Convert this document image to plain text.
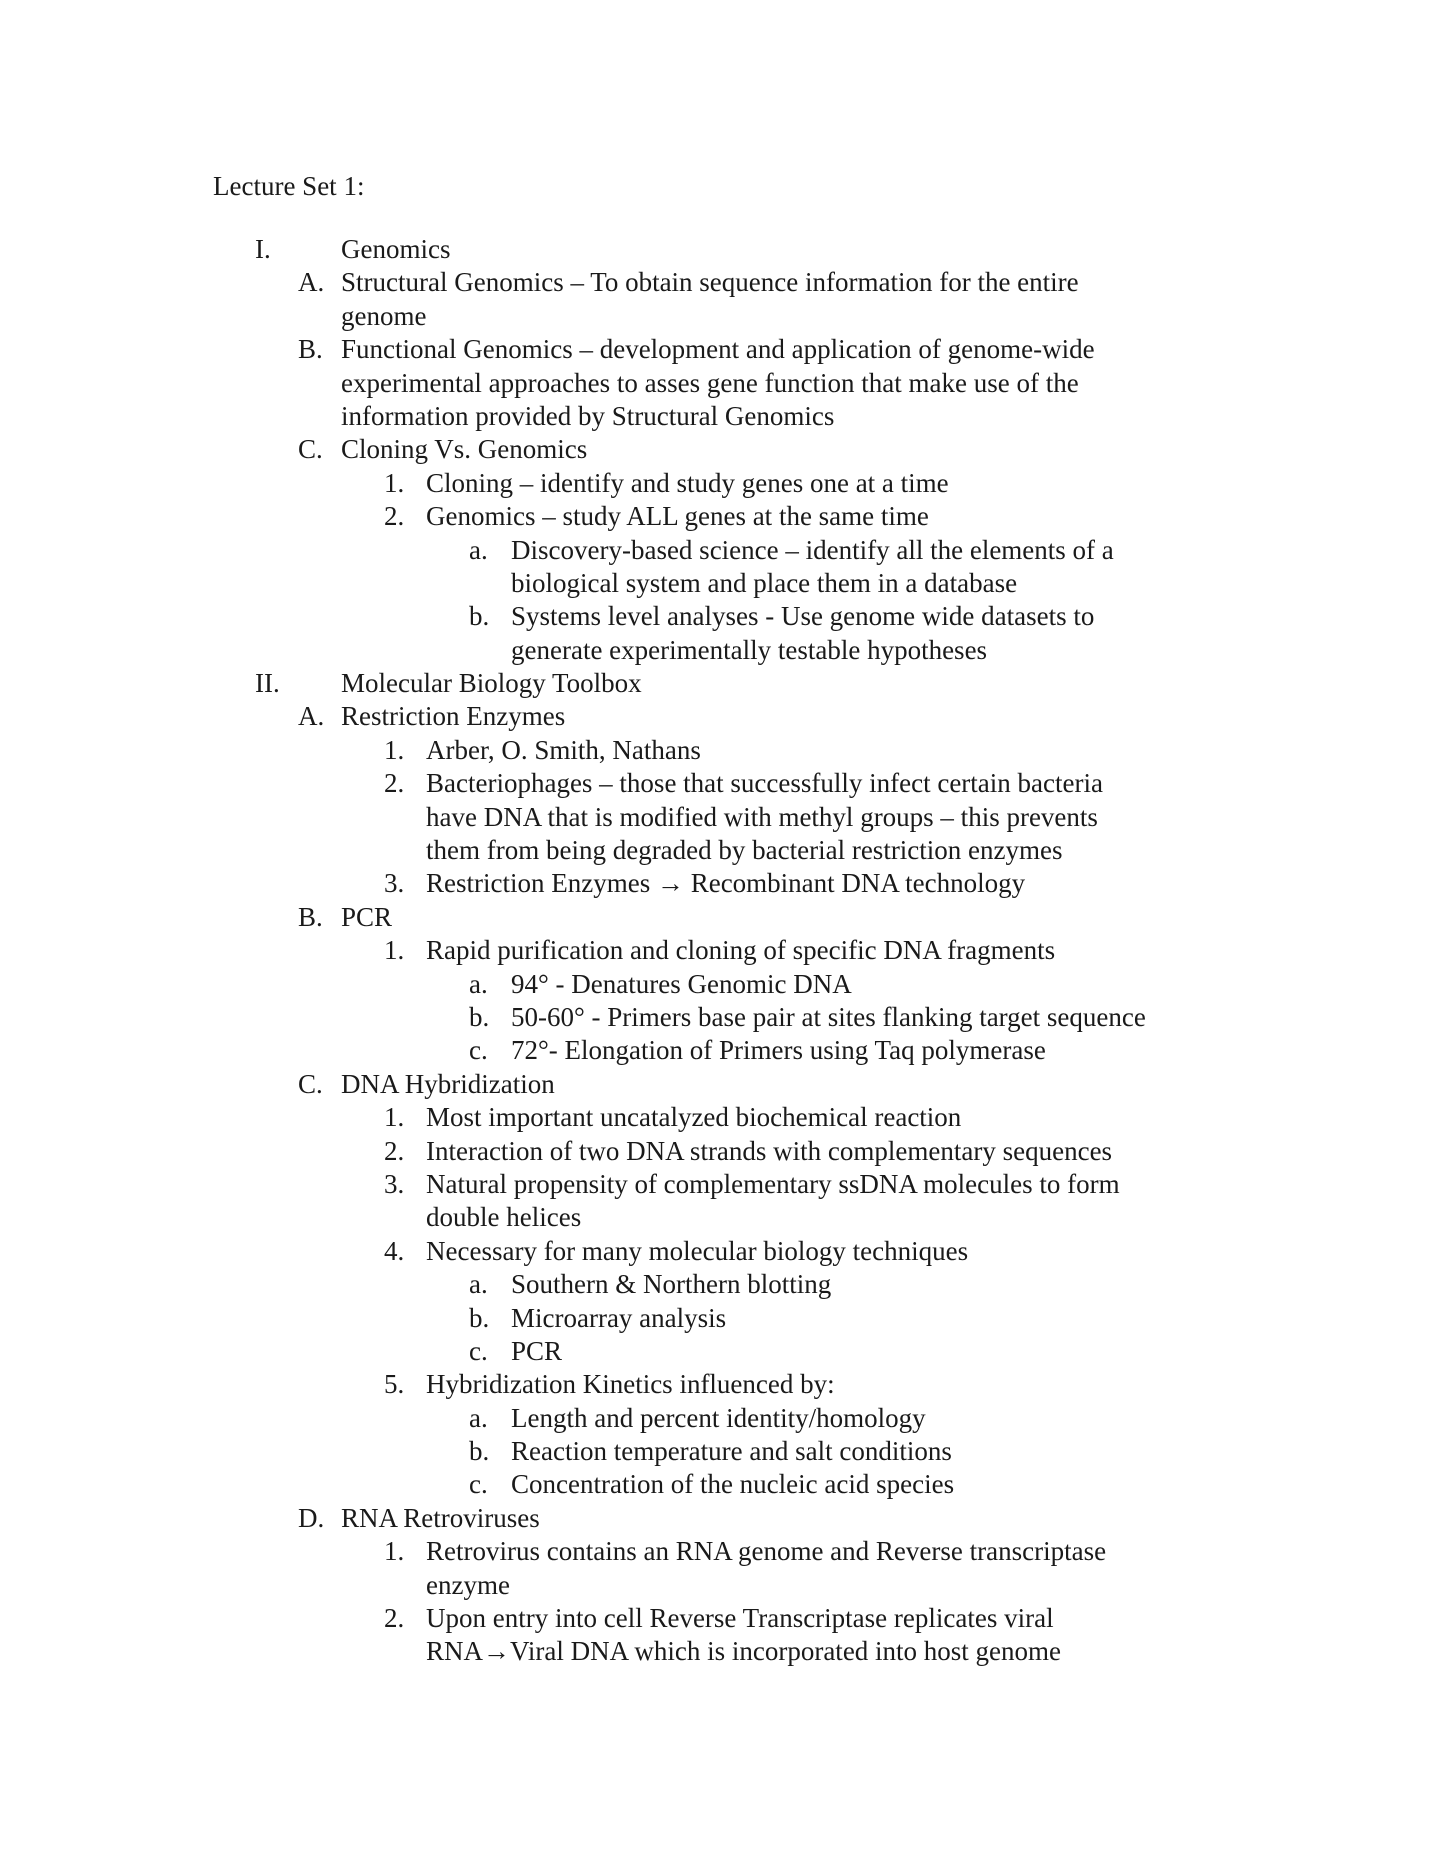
Lecture Set 1:
I.	Genomics
A. Structural Genomics – To obtain sequence information for the entire
genome
B. Functional Genomics – development and application of genome-wide
experimental approaches to asses gene function that make use of the
information provided by Structural Genomics
C. Cloning Vs. Genomics
1. Cloning – identify and study genes one at a time
2. Genomics – study ALL genes at the same time
a. Discovery-based science – identify all the elements of a
biological system and place them in a database
b. Systems level analyses - Use genome wide datasets to
generate experimentally testable hypotheses
II. Molecular Biology Toolbox
A. Restriction Enzymes
1. Arber, O. Smith, Nathans
2. Bacteriophages – those that successfully infect certain bacteria
have DNA that is modified with methyl groups – this prevents
them from being degraded by bacterial restriction enzymes
3. Restriction Enzymes → Recombinant DNA technology
B. PCR
1. Rapid purification and cloning of specific DNA fragments
a. 94° - Denatures Genomic DNA
b. 50-60° - Primers base pair at sites flanking target sequence
c. 72°- Elongation of Primers using Taq polymerase
C. DNA Hybridization
1. Most important uncatalyzed biochemical reaction
2. Interaction of two DNA strands with complementary sequences
3. Natural propensity of complementary ssDNA molecules to form
double helices
4. Necessary for many molecular biology techniques
a. Southern & Northern blotting
b. Microarray analysis
c. PCR
5. Hybridization Kinetics influenced by:
a. Length and percent identity/homology
b. Reaction temperature and salt conditions
c. Concentration of the nucleic acid species
D. RNA Retroviruses
1. Retrovirus contains an RNA genome and Reverse transcriptase
enzyme
2. Upon entry into cell Reverse Transcriptase replicates viral
RNA→Viral DNA which is incorporated into host genome
